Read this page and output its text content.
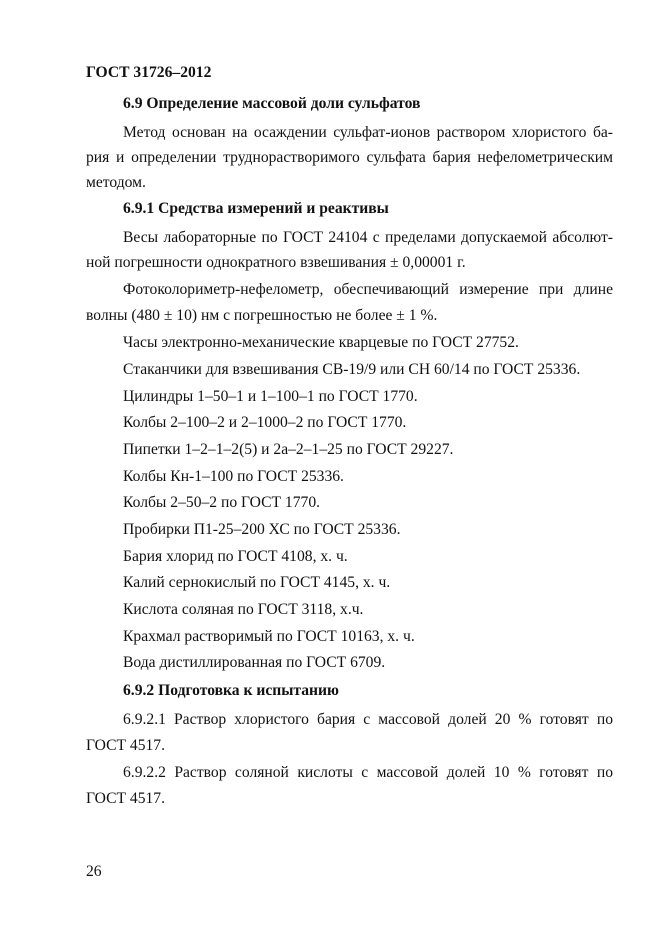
ГОСТ 31726–2012
6.9 Определение массовой доли сульфатов
Метод основан на осаждении сульфат-ионов раствором хлористого ба-
рия и определении труднорастворимого сульфата бария нефелометрическим
методом.
6.9.1 Средства измерений и реактивы
Весы лабораторные по ГОСТ 24104 с пределами допускаемой абсолют-
ной погрешности однократного взвешивания ± 0,00001 г.
Фотоколориметр-нефелометр, обеспечивающий измерение при длине
волны (480 ± 10) нм с погрешностью не более ± 1 %.
Часы электронно-механические кварцевые по ГОСТ 27752.
Стаканчики для взвешивания СВ-19/9 или СН 60/14 по ГОСТ 25336.
Цилиндры 1–50–1 и 1–100–1 по ГОСТ 1770.
Колбы 2–100–2 и 2–1000–2 по ГОСТ 1770.
Пипетки 1–2–1–2(5) и 2а–2–1–25 по ГОСТ 29227.
Колбы Кн-1–100 по ГОСТ 25336.
Колбы 2–50–2 по ГОСТ 1770.
Пробирки П1-25–200 ХС по ГОСТ 25336.
Бария хлорид по ГОСТ 4108, х. ч.
Калий сернокислый по ГОСТ 4145, х. ч.
Кислота соляная по ГОСТ 3118, х.ч.
Крахмал растворимый по ГОСТ 10163, х. ч.
Вода дистиллированная по ГОСТ 6709.
6.9.2 Подготовка к испытанию
6.9.2.1 Раствор хлористого бария с массовой долей 20 % готовят по
ГОСТ 4517.
6.9.2.2 Раствор соляной кислоты с массовой долей 10 % готовят по
ГОСТ 4517.
26
